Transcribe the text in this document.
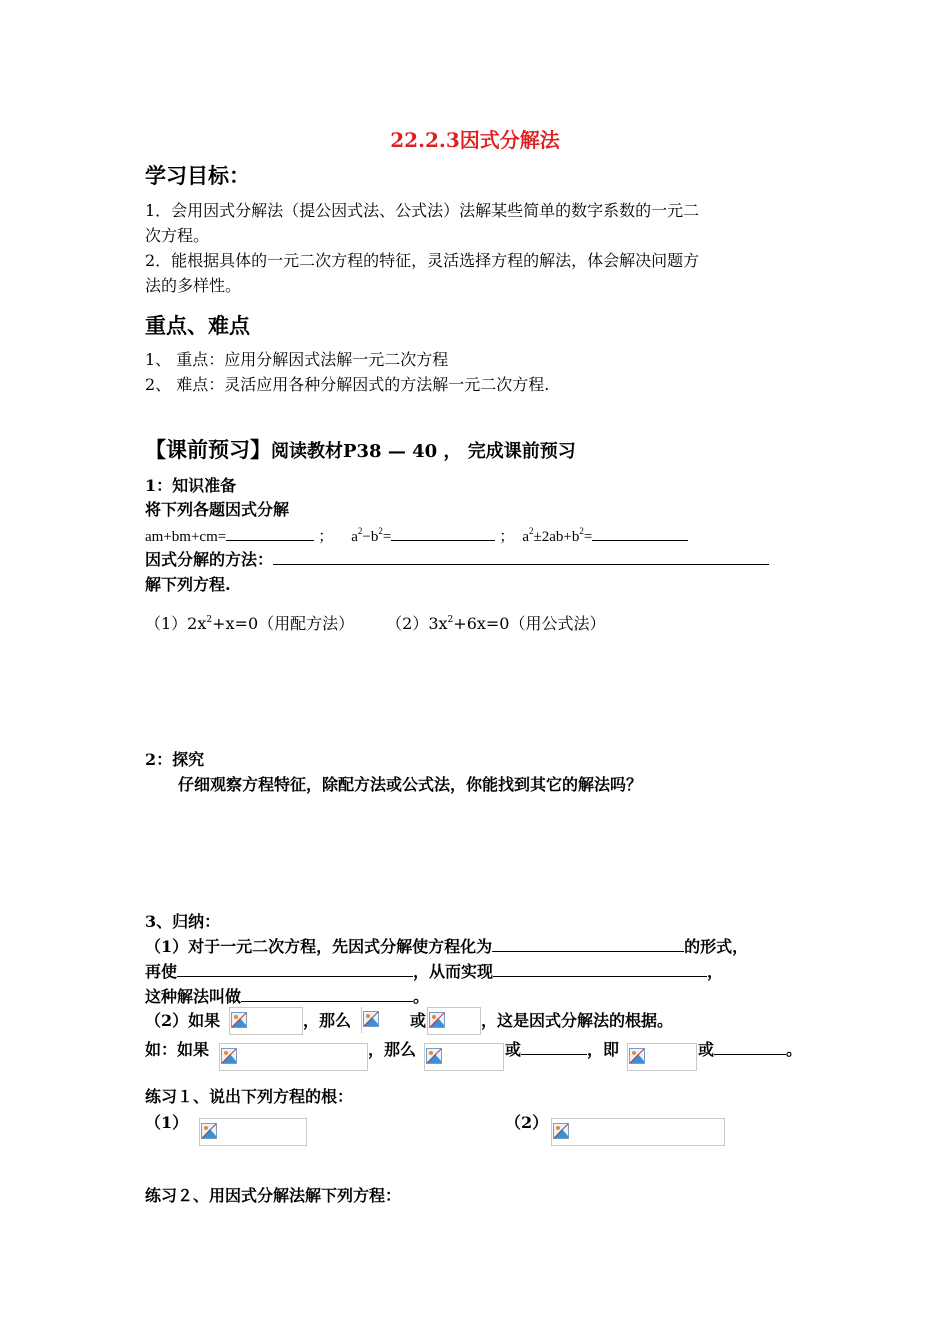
22.2.3因式分解法
学习目标：
1．会用因式分解法（提公因式法、公式法）法解某些简单的数字系数的一元二
次方程。
2．能根据具体的一元二次方程的特征，灵活选择方程的解法，体会解决问题方
法的多样性。
重点、难点
1、 重点：应用分解因式法解一元二次方程
2、 难点：灵活应用各种分解因式的方法解一元二次方程.
【课前预习】阅读教材P38 — 40 ， 完成课前预习
1：知识准备
将下列各题因式分解
am+bm+cm=	； $a^2-b^2=$	； $a^2\pm 2ab+b^2=$
因式分解的方法：
解下列方程.
$(1)2x^2+x=0$（用配方法） $(2)3x^2+6x=0$（用公式法）
2：探究
仔细观察方程特征，除配方法或公式法，你能找到其它的解法吗？
3、归纳：
（1）对于一元二次方程，先因式分解使方程化为	的形式，
再使	，从而实现	，
这种解法叫做	。
（2）如果	，那么	或	，这是因式分解法的根据。
如：如果	，那么	或	，即	或	。
练习１、说出下列方程的根：
（1）	（2）
练习２、用因式分解法解下列方程：
